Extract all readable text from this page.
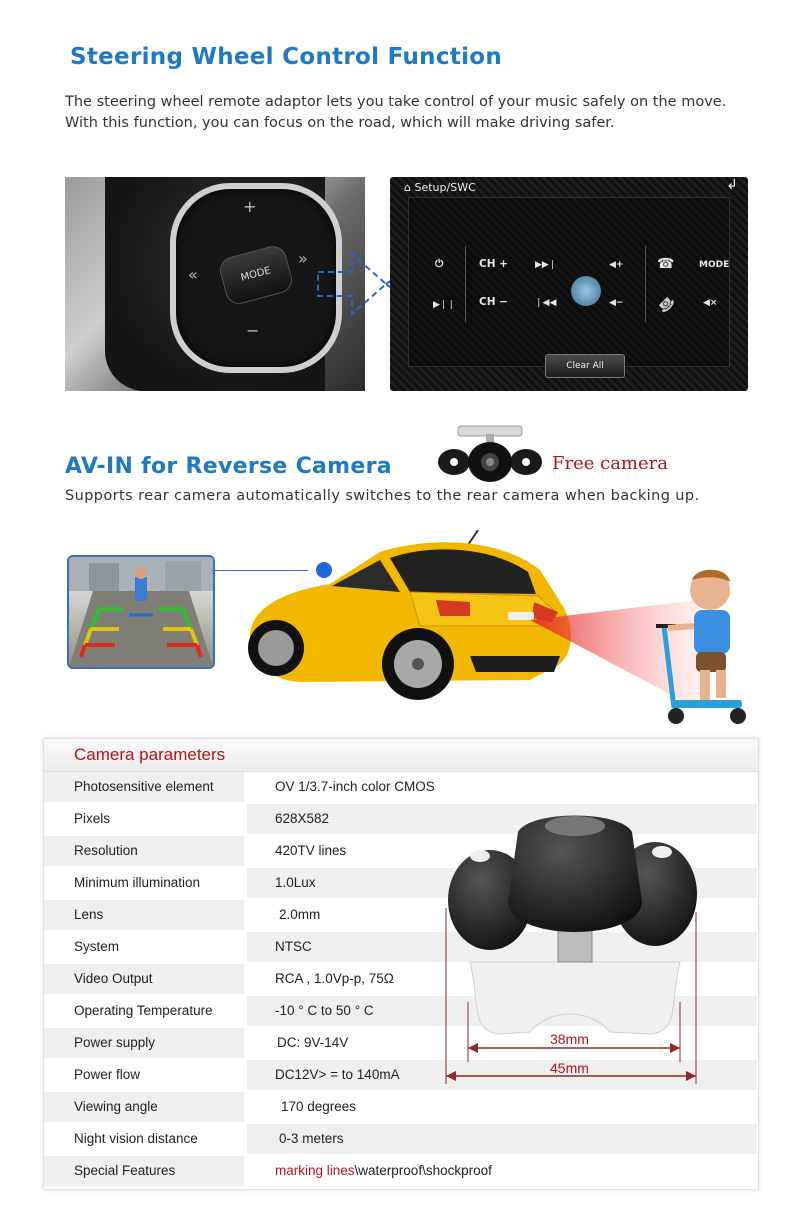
Steering Wheel Control Function
The steering wheel remote adaptor lets you take control of your music safely on the move.
With this function, you can focus on the road, which will make driving safer.
+
−
«
»
MODE
⌂ Setup/SWC	↲
⏻
▶❘❘
CH +
CH −
▶▶❘
❘◀◀
◀+
◀−
☎
☎
MODE
◀×
Clear All
AV-IN for Reverse Camera	Free camera
Supports rear camera automatically switches to the rear camera when backing up.
Camera parameters
Photosensitive element	OV 1/3.7-inch color CMOS
Pixels	628X582
Resolution	420TV lines
Minimum illumination	1.0Lux
Lens	2.0mm
System	NTSC
Video Output	RCA , 1.0Vp-p, 75Ω
Operating Temperature	-10 ° C to 50 ° C
Power supply	DC: 9V-14V
Power flow	DC12V> = to 140mA
Viewing angle	170 degrees
Night vision distance	0-3 meters
Special Features	marking lines\waterproof\shockproof
38mm
45mm
